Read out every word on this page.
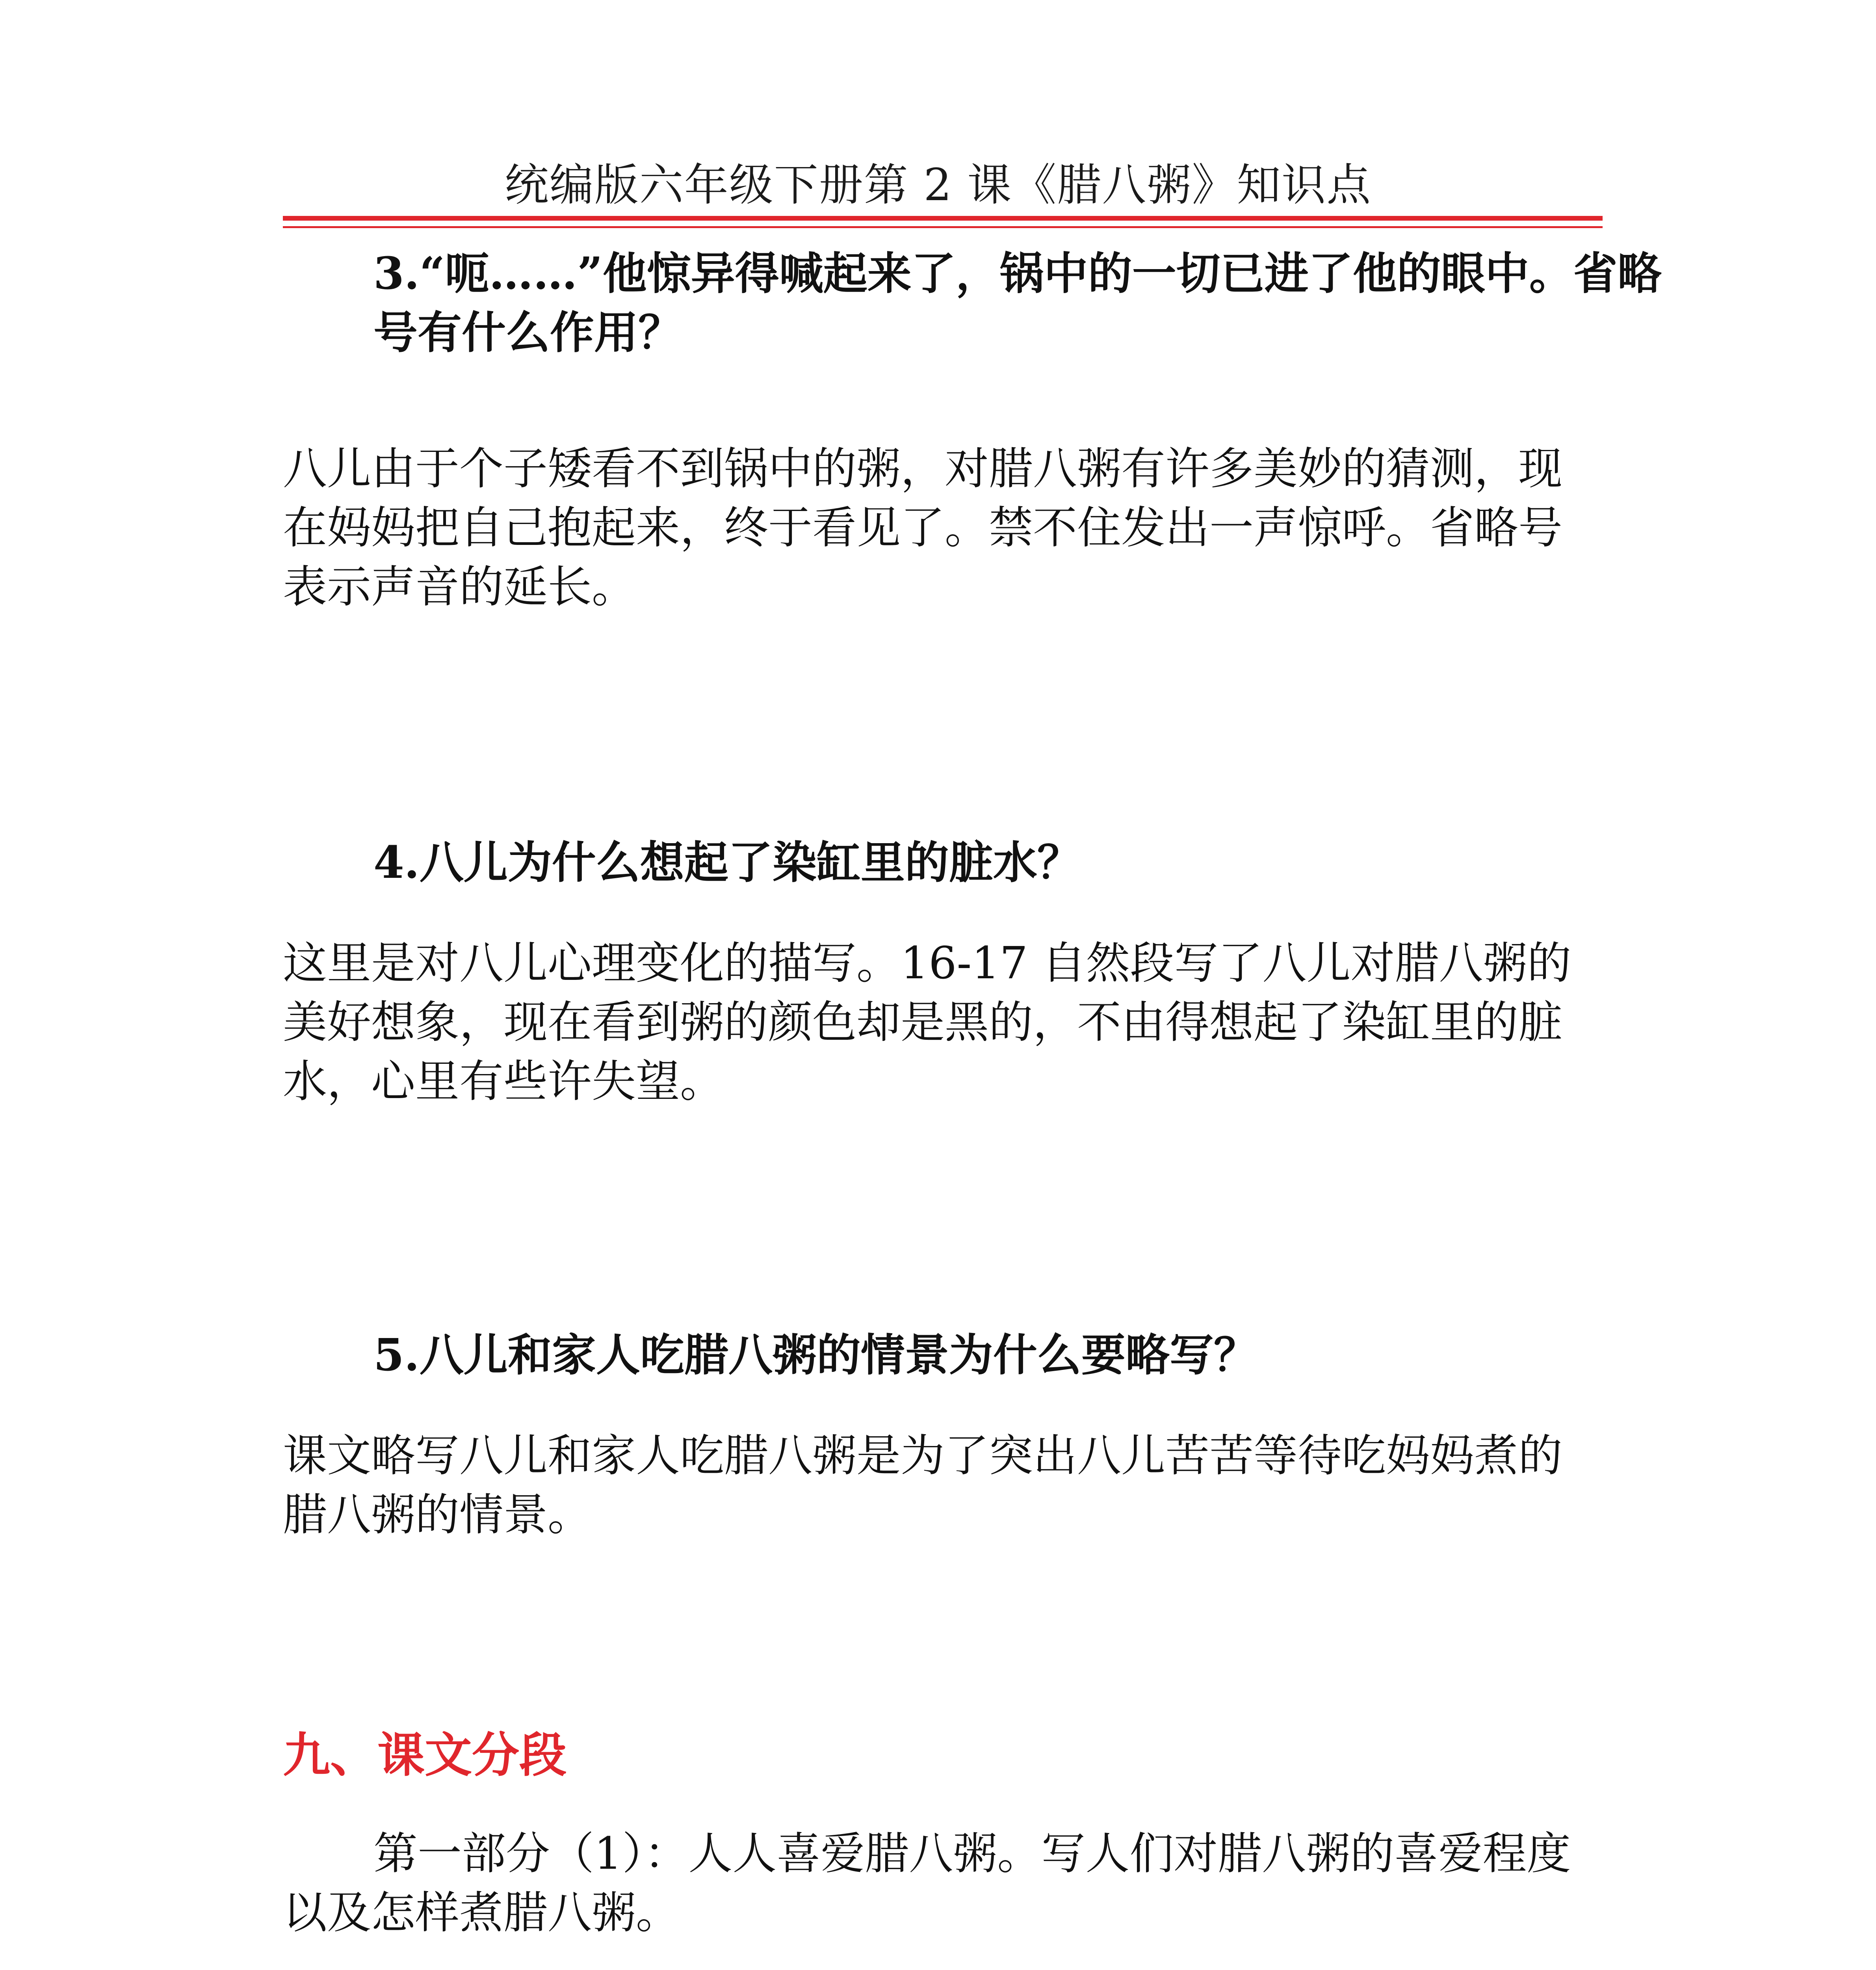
统编版六年级下册第 2 课《腊八粥》知识点
3.“呃……”他惊异得喊起来了，锅中的一切已进了他的眼中。省略号有什么作用？
八儿由于个子矮看不到锅中的粥，对腊八粥有许多美妙的猜测，现在妈妈把自己抱起来，终于看见了。禁不住发出一声惊呼。省略号表示声音的延长。
4.八儿为什么想起了染缸里的脏水？
这里是对八儿心理变化的描写。16-17 自然段写了八儿对腊八粥的美好想象，现在看到粥的颜色却是黑的，不由得想起了染缸里的脏水，心里有些许失望。
5.八儿和家人吃腊八粥的情景为什么要略写？
课文略写八儿和家人吃腊八粥是为了突出八儿苦苦等待吃妈妈煮的腊八粥的情景。
九、课文分段
第一部分（1）：人人喜爱腊八粥。写人们对腊八粥的喜爱程度以及怎样煮腊八粥。
